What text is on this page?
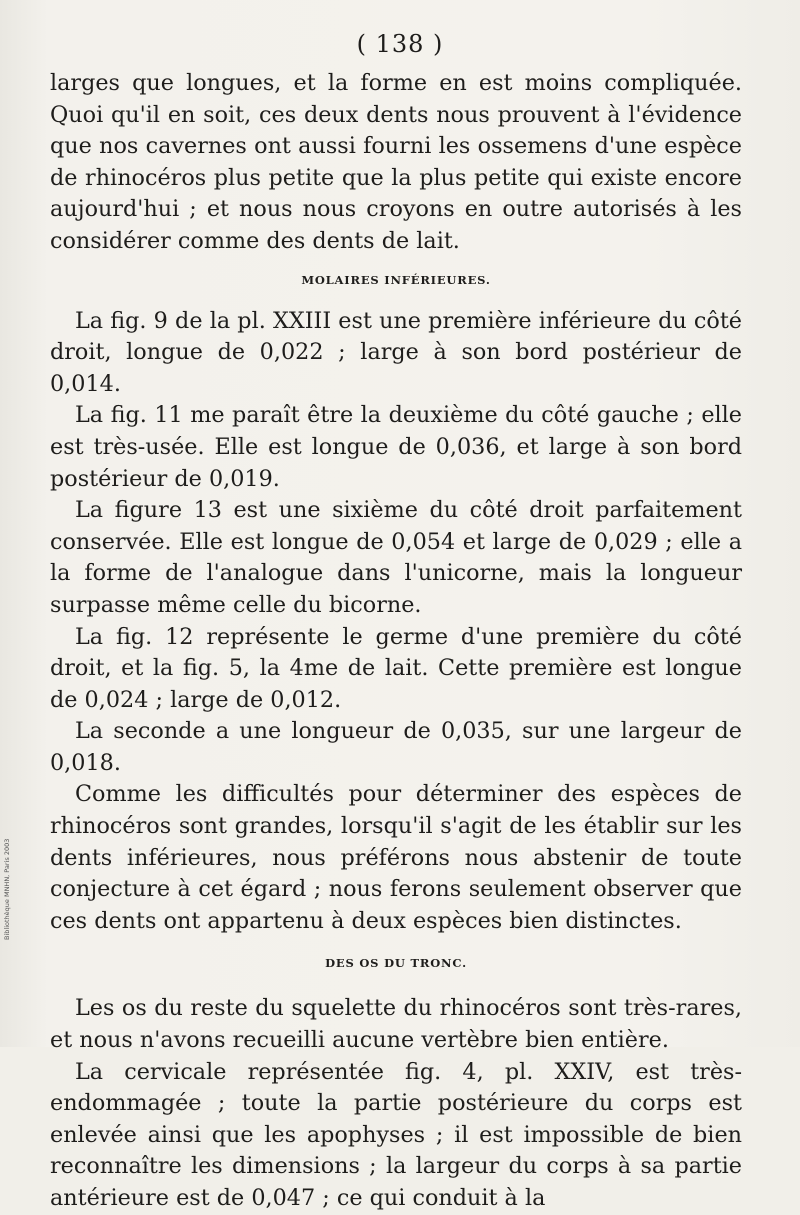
( 138 )

larges que longues, et la forme en est moins compliquée. Quoi qu'il en soit, ces deux dents nous prouvent à l'évidence que nos cavernes ont aussi fourni les ossemens d'une espèce de rhinocéros plus petite que la plus petite qui existe encore aujourd'hui ; et nous nous croyons en outre autorisés à les considérer comme des dents de lait.

MOLAIRES INFÉRIEURES.

La fig. 9 de la pl. XXIII est une première inférieure du côté droit, longue de 0,022 ; large à son bord postérieur de 0,014.

La fig. 11 me paraît être la deuxième du côté gauche ; elle est très-usée. Elle est longue de 0,036, et large à son bord postérieur de 0,019.

La figure 13 est une sixième du côté droit parfaitement conservée. Elle est longue de 0,054 et large de 0,029 ; elle a la forme de l'analogue dans l'unicorne, mais la longueur surpasse même celle du bicorne.

La fig. 12 représente le germe d'une première du côté droit, et la fig. 5, la 4me de lait. Cette première est longue de 0,024 ; large de 0,012.

La seconde a une longueur de 0,035, sur une largeur de 0,018.

Comme les difficultés pour déterminer des espèces de rhinocéros sont grandes, lorsqu'il s'agit de les établir sur les dents inférieures, nous préférons nous abstenir de toute conjecture à cet égard ; nous ferons seulement observer que ces dents ont appartenu à deux espèces bien distinctes.

DES OS DU TRONC.

Les os du reste du squelette du rhinocéros sont très-rares, et nous n'avons recueilli aucune vertèbre bien entière.

La cervicale représentée fig. 4, pl. XXIV, est très-endommagée ; toute la partie postérieure du corps est enlevée ainsi que les apophyses ; il est impossible de bien reconnaître les dimensions ; la largeur du corps à sa partie antérieure est de 0,047 ; ce qui conduit à la

Bibliothèque MNHN, Paris 2003
